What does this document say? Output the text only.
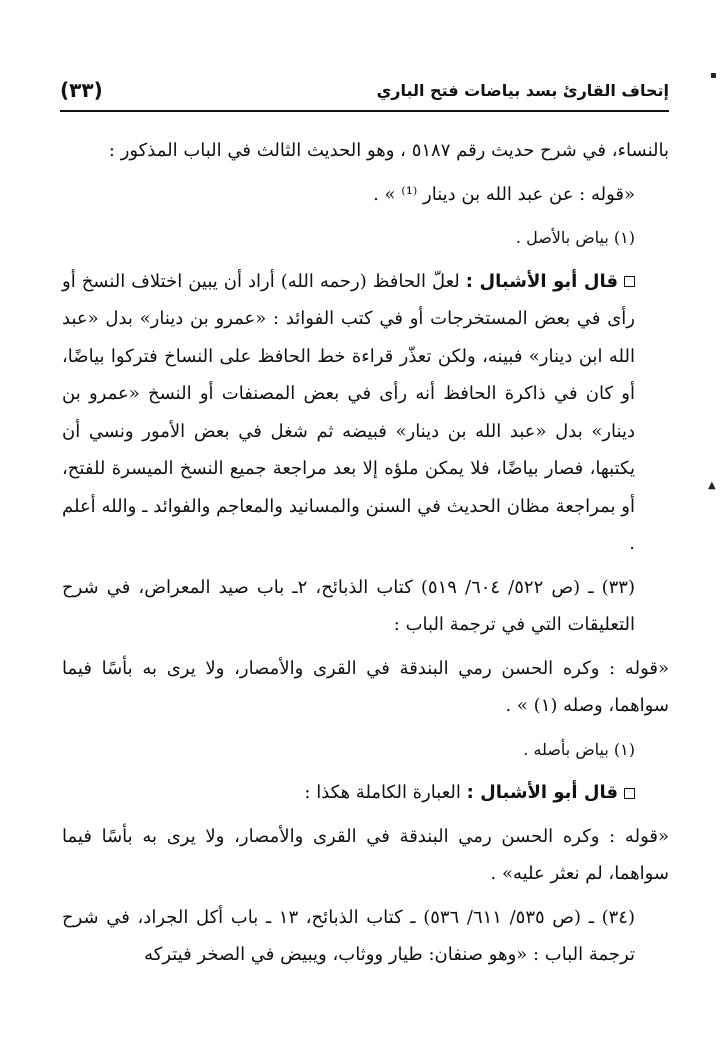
(٣٣)	إتحاف القارئ بسد بياضات فتح الباري

بالنساء، في شرح حديث رقم ٥١٨٧ ، وهو الحديث الثالث في الباب المذكور :

«قوله : عن عبد الله بن دينار ⁽¹⁾ » .

(١) بياض بالأصل .

قال أبو الأشبال : لعلّ الحافظ (رحمه الله) أراد أن يبين اختلاف النسخ أو رأى في بعض المستخرجات أو في كتب الفوائد : «عمرو بن دينار» بدل «عبد الله ابن دينار» فبينه، ولكن تعذّر قراءة خط الحافظ على النساخ فتركوا بياضًا، أو كان في ذاكرة الحافظ أنه رأى في بعض المصنفات أو النسخ «عمرو بن دينار» بدل «عبد الله بن دينار» فبيضه ثم شغل في بعض الأمور ونسي أن يكتبها، فصار بياضًا، فلا يمكن ملؤه إلا بعد مراجعة جميع النسخ الميسرة للفتح، أو بمراجعة مظان الحديث في السنن والمسانيد والمعاجم والفوائد ـ والله أعلم .

(٣٣) ـ (ص ٥٢٢/ ٦٠٤/ ٥١٩) كتاب الذبائح، ٢ـ باب صيد المعراض، في شرح التعليقات التي في ترجمة الباب :

«قوله : وكره الحسن رمي البندقة في القرى والأمصار، ولا يرى به بأسًا فيما سواهما، وصله (١) » .

(١) بياض بأصله .

قال أبو الأشبال : العبارة الكاملة هكذا :

«قوله : وكره الحسن رمي البندقة في القرى والأمصار، ولا يرى به بأسًا فيما سواهما، لم نعثر عليه» .

(٣٤) ـ (ص ٥٣٥/ ٦١١/ ٥٣٦) ـ كتاب الذبائح، ١٣ ـ باب أكل الجراد، في شرح ترجمة الباب : «وهو صنفان: طيار ووثاب، ويبيض في الصخر فيتركه

▪
▲
